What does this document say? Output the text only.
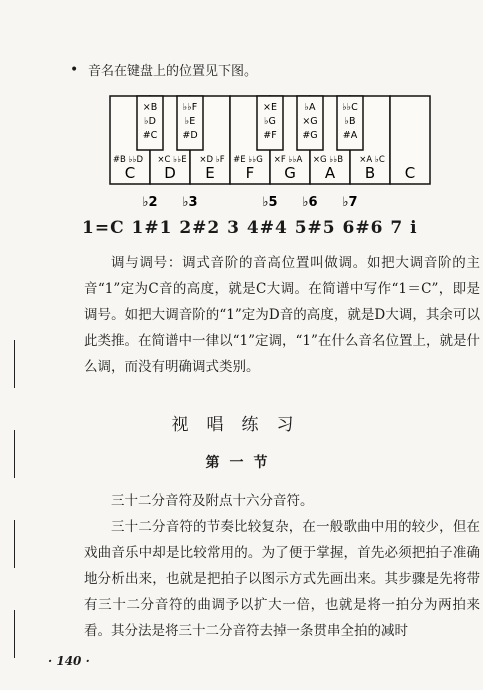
• 音名在键盘上的位置见下图。
C D E F G A B C
×B
♭D
#C
♭♭F
♭E
#D
×E
♭G
#F
♭A
×G
#G
♭♭C
♭B
#A
#B ♭♭D ×C ♭♭E ×D ♭F #E ♭♭G ×F ♭♭A ×G ♭♭B ×A ♭C
♭2 ♭3	♭5 ♭6 ♭7
1=C 1#1 2#2 3 4#4 5#5 6#6 7 i
调与调号：调式音阶的音高位置叫做调。如把大调音阶的主音“1”定为C音的高度，就是C大调。在简谱中写作“1＝C”，即是调号。如把大调音阶的“1”定为D音的高度，就是D大调，其余可以此类推。在简谱中一律以“1”定调，“1”在什么音名位置上，就是什么调，而没有明确调式类别。
视唱练习
第一节
三十二分音符及附点十六分音符。
三十二分音符的节奏比较复杂，在一般歌曲中用的较少，但在戏曲音乐中却是比较常用的。为了便于掌握，首先必须把拍子准确地分析出来，也就是把拍子以图示方式先画出来。其步骤是先将带有三十二分音符的曲调予以扩大一倍，也就是将一拍分为两拍来看。其分法是将三十二分音符去掉一条贯串全拍的减时
· 140 ·
